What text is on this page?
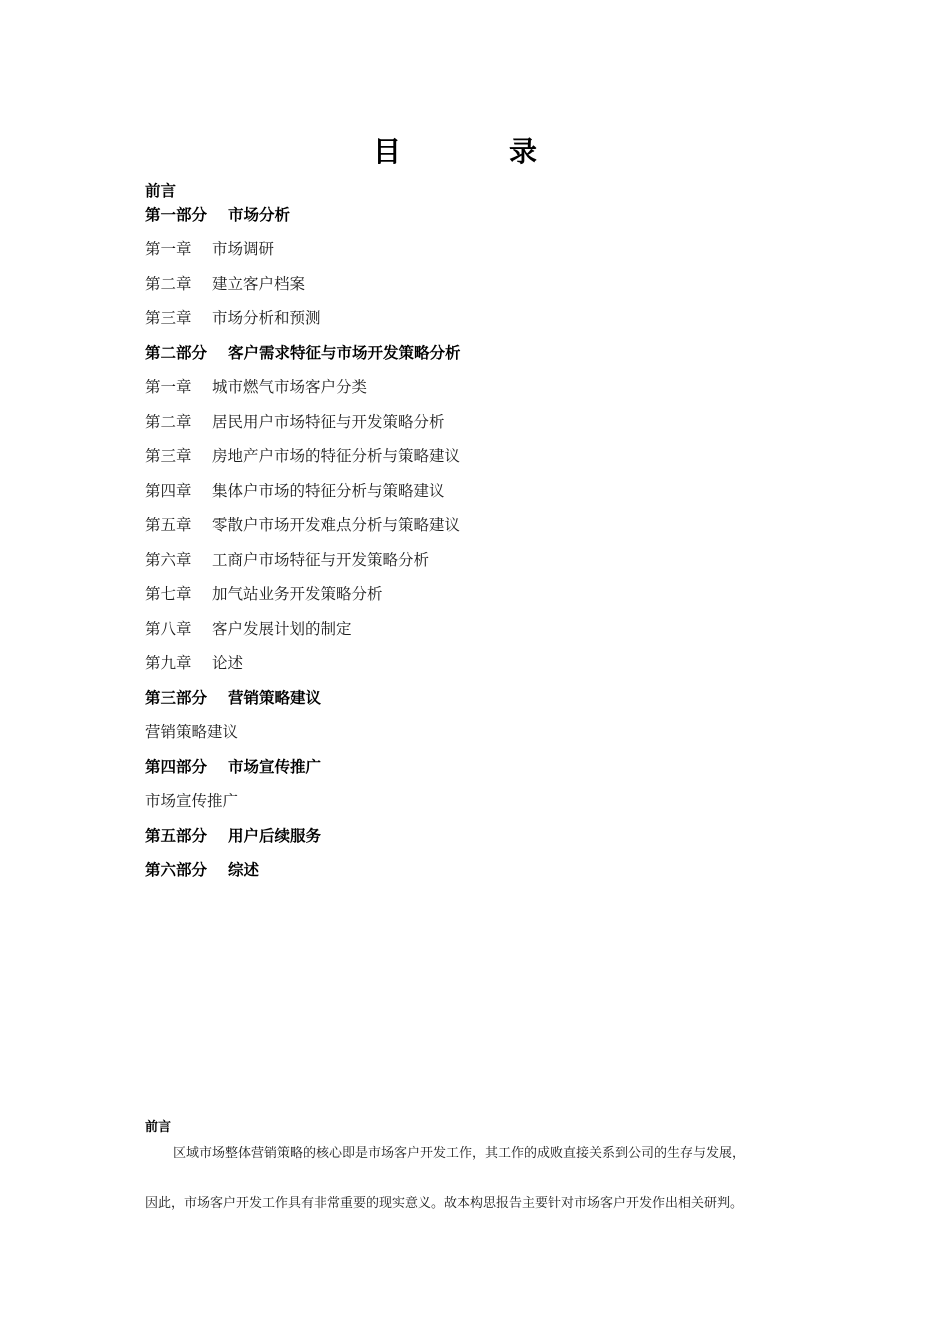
目　录
前言
第一部分 市场分析
第一章 市场调研
第二章 建立客户档案
第三章 市场分析和预测
第二部分 客户需求特征与市场开发策略分析
第一章 城市燃气市场客户分类
第二章 居民用户市场特征与开发策略分析
第三章 房地产户市场的特征分析与策略建议
第四章 集体户市场的特征分析与策略建议
第五章 零散户市场开发难点分析与策略建议
第六章 工商户市场特征与开发策略分析
第七章 加气站业务开发策略分析
第八章 客户发展计划的制定
第九章 论述
第三部分 营销策略建议
营销策略建议
第四部分 市场宣传推广
市场宣传推广
第五部分 用户后续服务
第六部分 综述
前言
区域市场整体营销策略的核心即是市场客户开发工作，其工作的成败直接关系到公司的生存与发展，
因此，市场客户开发工作具有非常重要的现实意义。故本构思报告主要针对市场客户开发作出相关研判。
